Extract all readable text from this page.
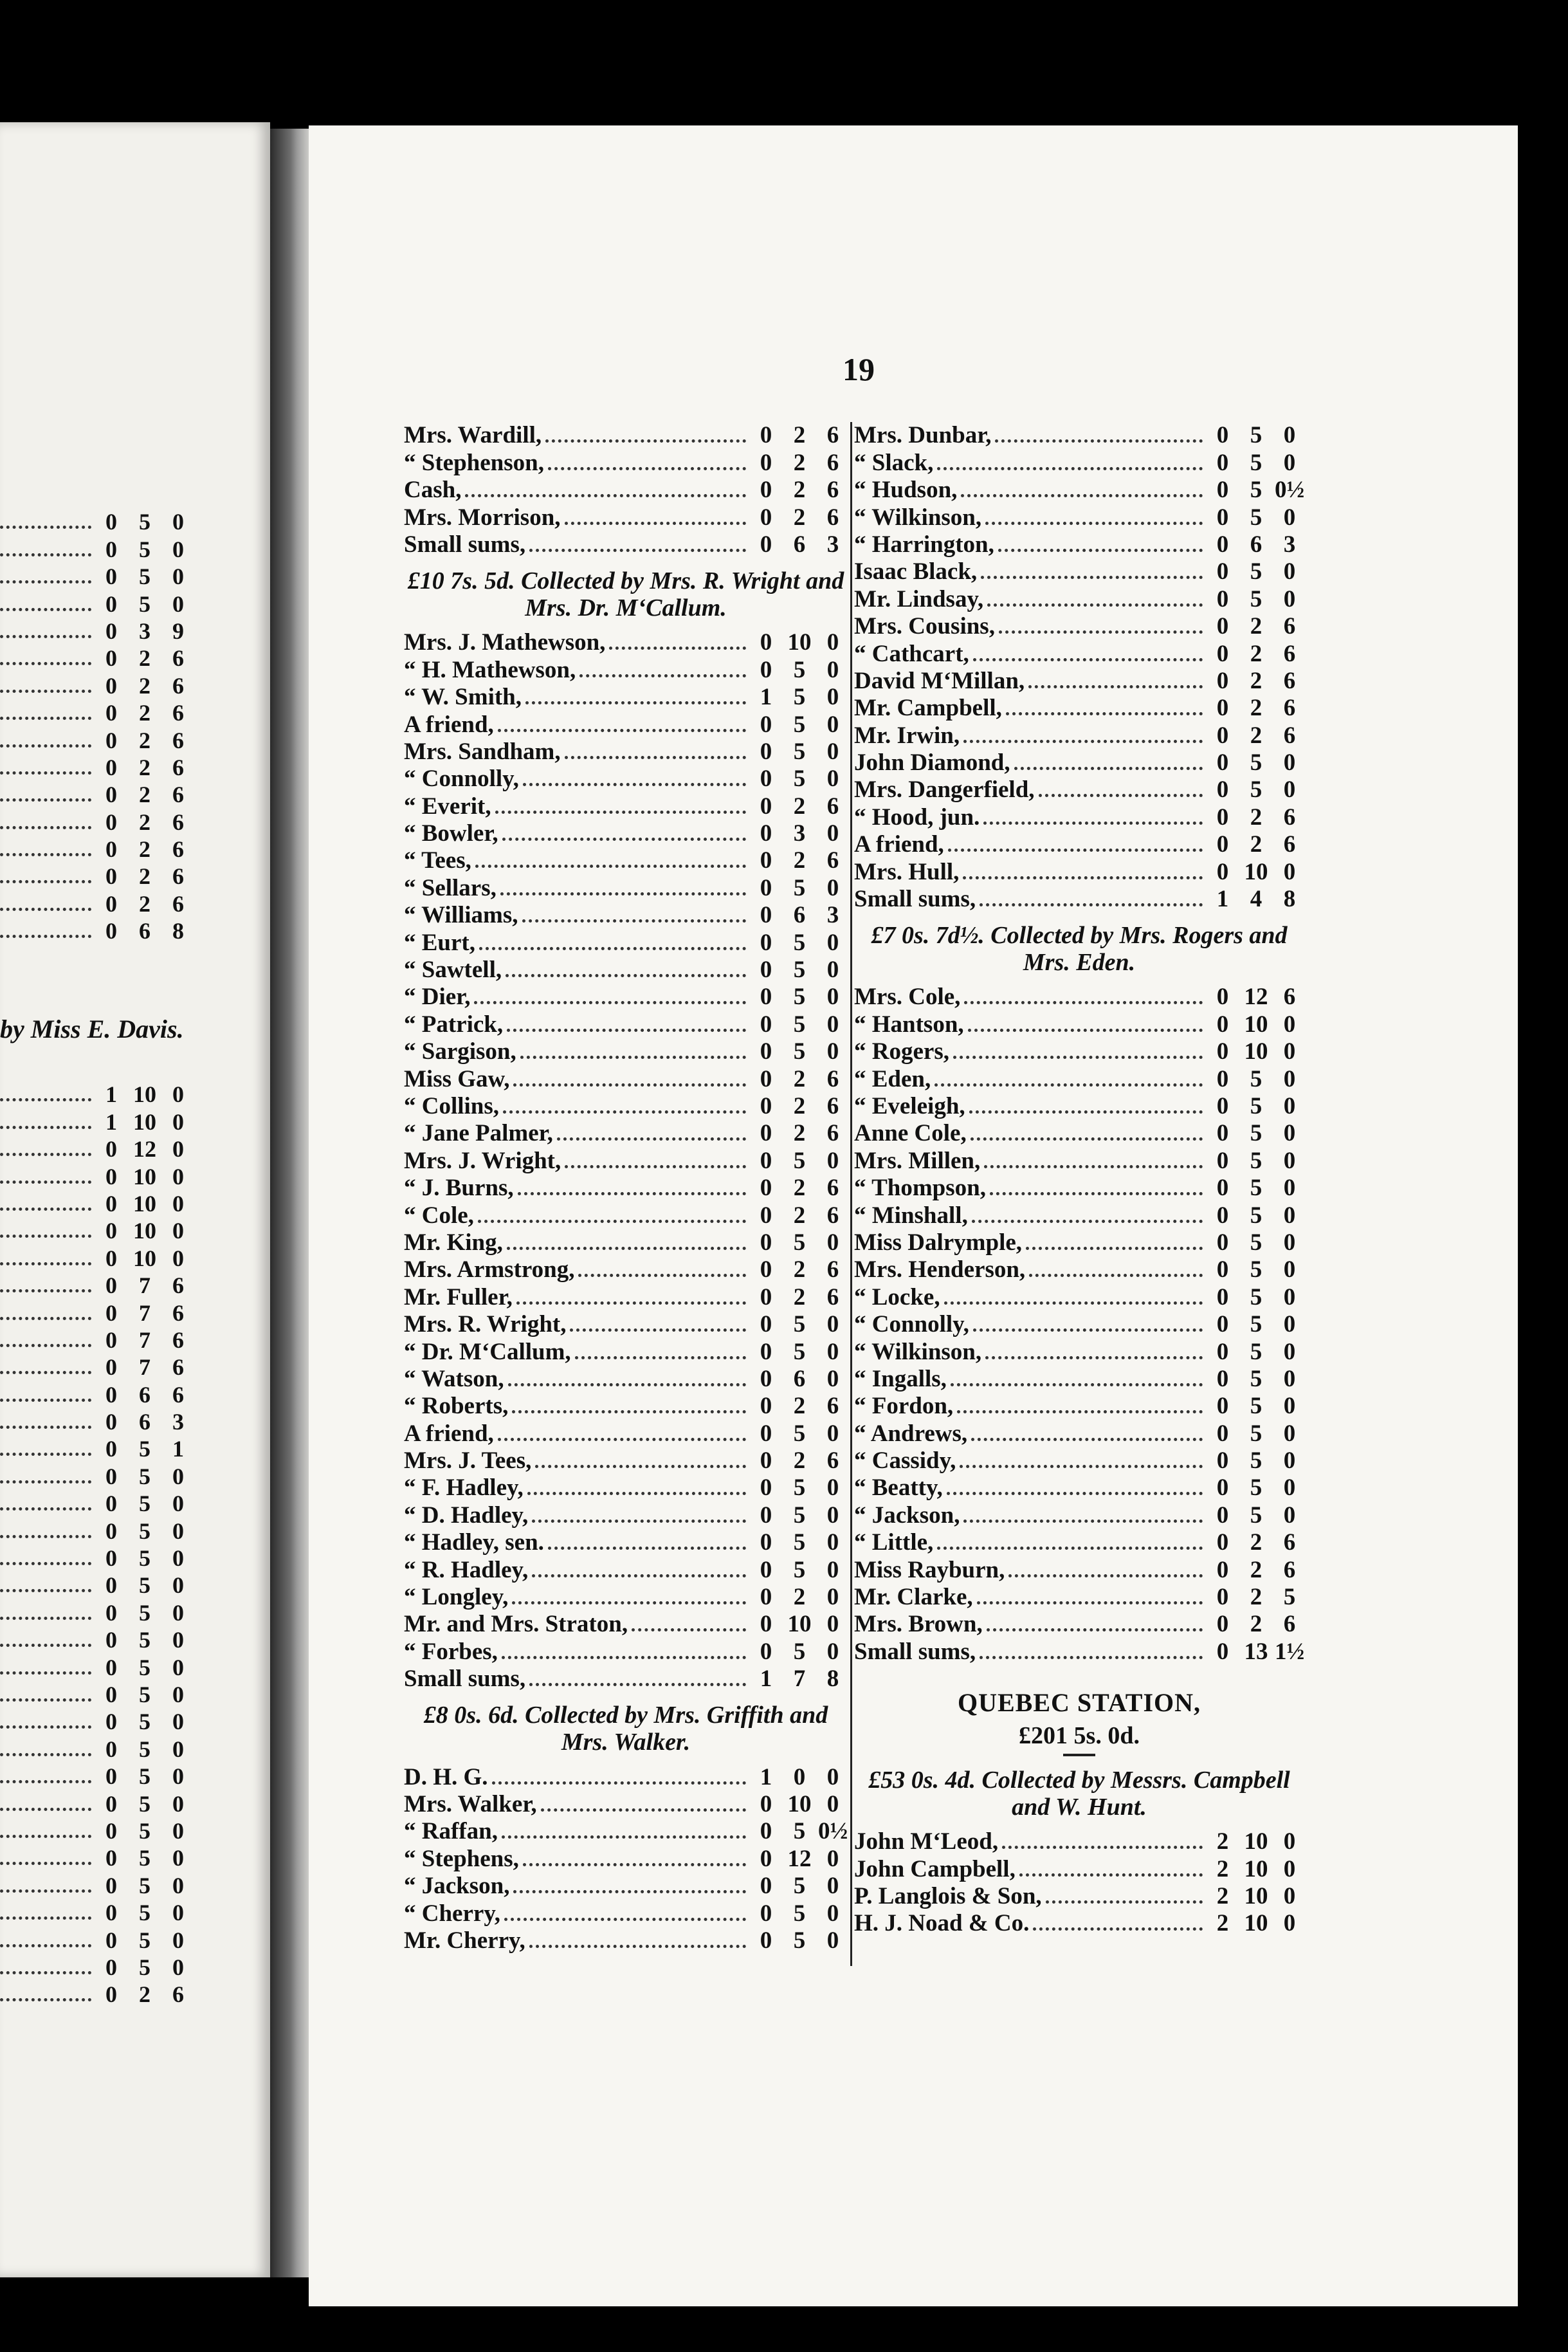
0 5 0
0 5 0
0 5 0
0 5 0
0 3 9
0 2 6
0 2 6
0 2 6
0 2 6
0 2 6
0 2 6
0 2 6
0 2 6
0 2 6
0 2 6
0 6 8
by Miss E. Davis.
1 10 0
1 10 0
0 12 0
0 10 0
0 10 0
0 10 0
0 10 0
0 7 6
0 7 6
0 7 6
0 7 6
0 6 6
0 6 3
0 5 1
0 5 0
0 5 0
0 5 0
0 5 0
0 5 0
0 5 0
0 5 0
0 5 0
0 5 0
0 5 0
0 5 0
0 5 0
0 5 0
0 5 0
0 5 0
0 5 0
0 5 0
0 5 0
0 5 0
0 2 6
19
Mrs. Wardill,	0 2 6
“ Stephenson,	0 2 6
Cash,	0 2 6
Mrs. Morrison,	0 2 6
Small sums,	0 6 3
£10 7s. 5d. Collected by Mrs. R. Wright and Mrs. Dr. M‘Callum.
Mrs. J. Mathewson,	0 10 0
“ H. Mathewson,	0 5 0
“ W. Smith,	1 5 0
A friend,	0 5 0
Mrs. Sandham,	0 5 0
“ Connolly,	0 5 0
“ Everit,	0 2 6
“ Bowler,	0 3 0
“ Tees,	0 2 6
“ Sellars,	0 5 0
“ Williams,	0 6 3
“ Eurt,	0 5 0
“ Sawtell,	0 5 0
“ Dier,	0 5 0
“ Patrick,	0 5 0
“ Sargison,	0 5 0
Miss Gaw,	0 2 6
“ Collins,	0 2 6
“ Jane Palmer,	0 2 6
Mrs. J. Wright,	0 5 0
“ J. Burns,	0 2 6
“ Cole,	0 2 6
Mr. King,	0 5 0
Mrs. Armstrong,	0 2 6
Mr. Fuller,	0 2 6
Mrs. R. Wright,	0 5 0
“ Dr. M‘Callum,	0 5 0
“ Watson,	0 6 0
“ Roberts,	0 2 6
A friend,	0 5 0
Mrs. J. Tees,	0 2 6
“ F. Hadley,	0 5 0
“ D. Hadley,	0 5 0
“ Hadley, sen.	0 5 0
“ R. Hadley,	0 5 0
“ Longley,	0 2 0
Mr. and Mrs. Straton,	0 10 0
“ Forbes,	0 5 0
Small sums,	1 7 8
£8 0s. 6d. Collected by Mrs. Griffith and Mrs. Walker.
D. H. G.	1 0 0
Mrs. Walker,	0 10 0
“ Raffan,	0 5 0½
“ Stephens,	0 12 0
“ Jackson,	0 5 0
“ Cherry,	0 5 0
Mr. Cherry,	0 5 0
Mrs. Dunbar,	0 5 0
“ Slack,	0 5 0
“ Hudson,	0 5 0½
“ Wilkinson,	0 5 0
“ Harrington,	0 6 3
Isaac Black,	0 5 0
Mr. Lindsay,	0 5 0
Mrs. Cousins,	0 2 6
“ Cathcart,	0 2 6
David M‘Millan,	0 2 6
Mr. Campbell,	0 2 6
Mr. Irwin,	0 2 6
John Diamond,	0 5 0
Mrs. Dangerfield,	0 5 0
“ Hood, jun.	0 2 6
A friend,	0 2 6
Mrs. Hull,	0 10 0
Small sums,	1 4 8
£7 0s. 7d½. Collected by Mrs. Rogers and Mrs. Eden.
Mrs. Cole,	0 12 6
“ Hantson,	0 10 0
“ Rogers,	0 10 0
“ Eden,	0 5 0
“ Eveleigh,	0 5 0
Anne Cole,	0 5 0
Mrs. Millen,	0 5 0
“ Thompson,	0 5 0
“ Minshall,	0 5 0
Miss Dalrymple,	0 5 0
Mrs. Henderson,	0 5 0
“ Locke,	0 5 0
“ Connolly,	0 5 0
“ Wilkinson,	0 5 0
“ Ingalls,	0 5 0
“ Fordon,	0 5 0
“ Andrews,	0 5 0
“ Cassidy,	0 5 0
“ Beatty,	0 5 0
“ Jackson,	0 5 0
“ Little,	0 2 6
Miss Rayburn,	0 2 6
Mr. Clarke,	0 2 5
Mrs. Brown,	0 2 6
Small sums,	0 13 1½
QUEBEC STATION,
£201 5s. 0d.
£53 0s. 4d. Collected by Messrs. Campbell and W. Hunt.
John M‘Leod,	2 10 0
John Campbell,	2 10 0
P. Langlois & Son,	2 10 0
H. J. Noad & Co.	2 10 0
